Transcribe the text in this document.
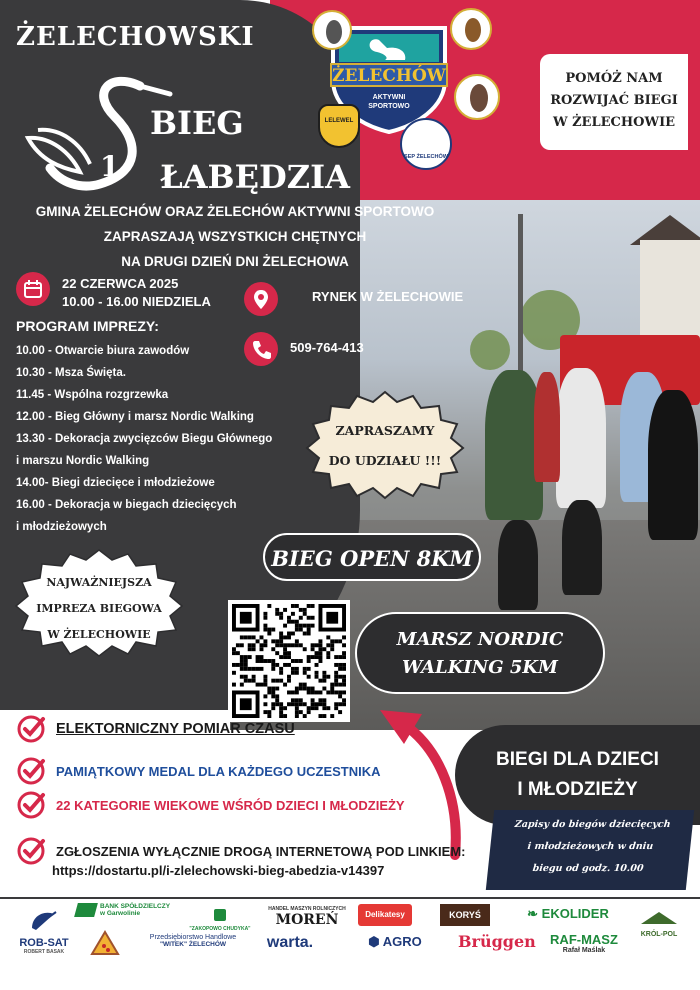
ŻELECHOWSKI
1
BIEG
ŁABĘDZIA
ŻELECHÓW
AKTYWNI
SPORTOWO
LELEWEL
SEP ŻELECHÓW
POMÓŻ NAM
ROZWIJAĆ BIEGI
W ŻELECHOWIE
GMINA ŻELECHÓW ORAZ ŻELECHÓW AKTYWNI SPORTOWO
ZAPRASZAJĄ WSZYSTKICH CHĘTNYCH
NA DRUGI DZIEŃ DNI ŻELECHOWA
22 CZERWCA 2025
10.00 - 16.00 NIEDZIELA	RYNEK W ŻELECHOWIE
509-764-413
PROGRAM IMPREZY:
10.00 - Otwarcie biura zawodów
10.30 - Msza Święta.
11.45 - Wspólna rozgrzewka
12.00 - Bieg Główny i marsz Nordic Walking
13.30 - Dekoracja zwycięzców Biegu Głównego
i marszu Nordic Walking
14.00- Biegi dziecięce i młodzieżowe
16.00 - Dekoracja w biegach dziecięcych
i młodzieżowych
ZAPRASZAMY
DO UDZIAŁU !!!
BIEG OPEN 8KM
MARSZ NORDIC
WALKING 5KM
NAJWAŻNIEJSZA
IMPREZA BIEGOWA
W ŻELECHOWIE
BIEGI DLA DZIECI
I MŁODZIEŻY
ELEKTORNICZNY POMIAR CZASU
PAMIĄTKOWY MEDAL DLA KAŻDEGO UCZESTNIKA
22 KATEGORIE WIEKOWE WŚRÓD DZIECI I MŁODZIEŻY
ZGŁOSZENIA WYŁĄCZNIE DROGĄ INTERNETOWĄ POD LINKIEM:
https://dostartu.pl/i-zlelechowski-bieg-abedzia-v14397
Zapisy do biegów dziecięcych
i młodzieżowych w dniu
biegu od godz. 10.00
ROB-SAT
ROBERT BASAK
BANK SPÓŁDZIELCZY
w Garwolinie
"ZAKOPOWO CHUDYKA"
HANDEL MASZYN ROLNICZYCH
MOREŃ	Delikatesy	KORYŚ	❧ EKOLIDER
KRÓL-POL
Przedsiębiorstwo Handlowe
"WITEK" ŻELECHÓW	warta.	⬢ AGRO	Brüggen	RAF-MASZ
Rafał Maślak
